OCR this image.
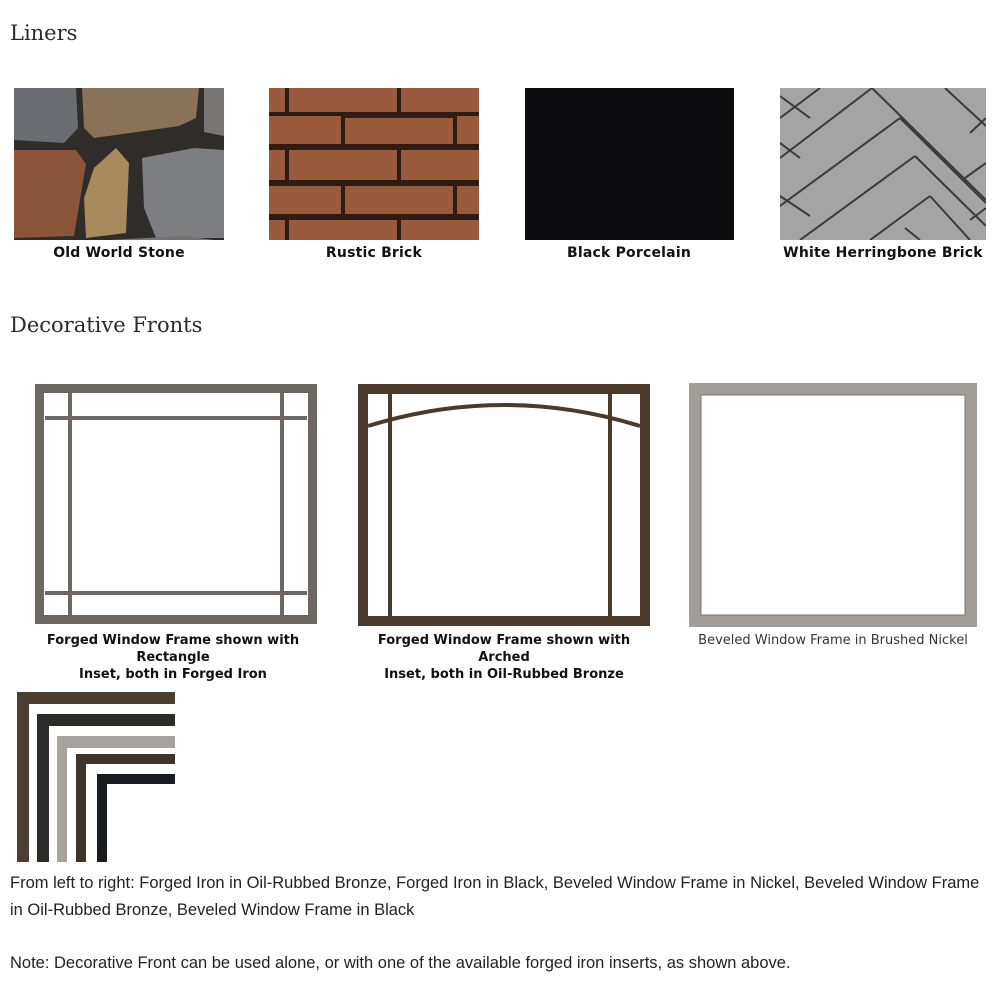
Liners
Old World Stone	Rustic Brick	Black Porcelain	White Herringbone Brick
Decorative Fronts
Forged Window Frame shown with Rectangle
Inset, both in Forged Iron
Forged Window Frame shown with Arched
Inset, both in Oil-Rubbed Bronze
Beveled Window Frame in Brushed Nickel

From left to right: Forged Iron in Oil-Rubbed Bronze, Forged Iron in Black, Beveled Window Frame in Nickel, Beveled Window Frame in Oil-Rubbed Bronze, Beveled Window Frame in Black

Note: Decorative Front can be used alone, or with one of the available forged iron inserts, as shown above.
